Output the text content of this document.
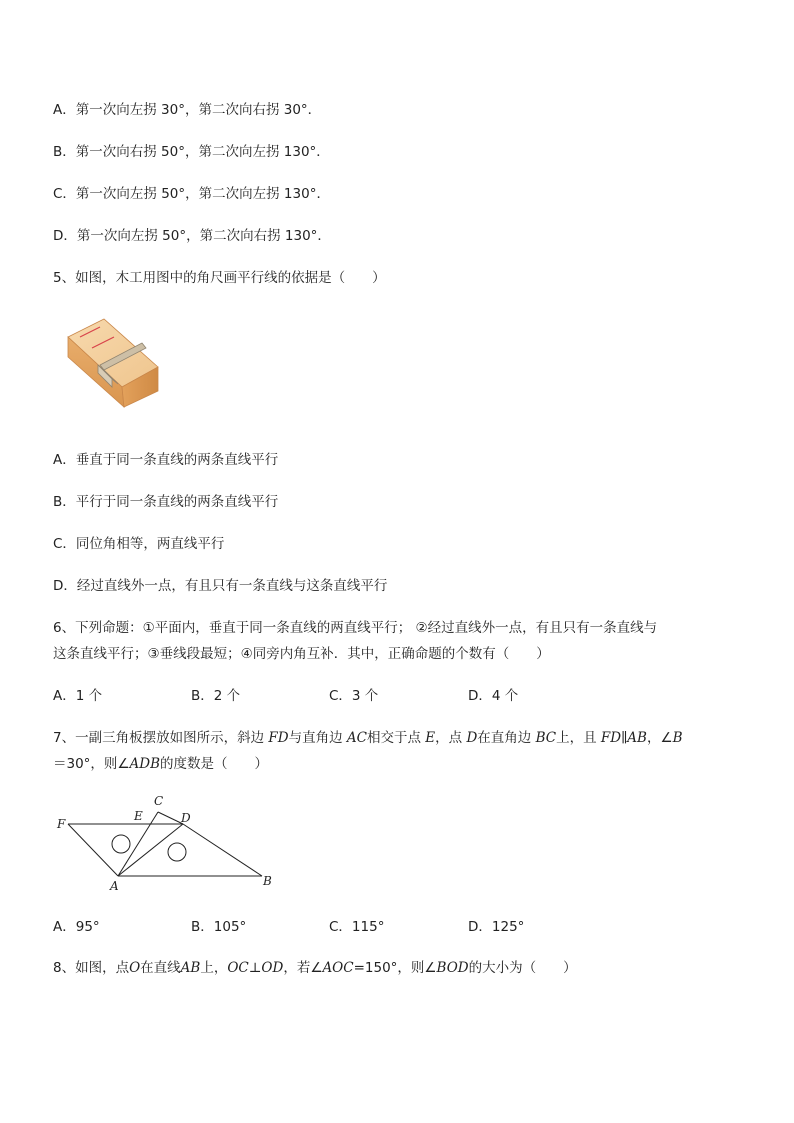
A．第一次向左拐 30°，第二次向右拐 30°．
B．第一次向右拐 50°，第二次向左拐 130°．
C．第一次向左拐 50°，第二次向左拐 130°．
D．第一次向左拐 50°，第二次向右拐 130°．
5、如图，木工用图中的角尺画平行线的依据是（　　）
A．垂直于同一条直线的两条直线平行
B．平行于同一条直线的两条直线平行
C．同位角相等，两直线平行
D．经过直线外一点，有且只有一条直线与这条直线平行
6、下列命题：①平面内，垂直于同一条直线的两直线平行； ②经过直线外一点，有且只有一条直线与
这条直线平行；③垂线段最短；④同旁内角互补．其中，正确命题的个数有（　　）
A．1 个	B．2 个	C．3 个	D．4 个
7、一副三角板摆放如图所示，斜边 FD与直角边 AC相交于点 E，点 D在直角边 BC上，且 FD∥AB，∠B
＝30°，则∠ADB的度数是（　　）
F
E
C
D
A	B
A．95°	B．105°	C．115°	D．125°
8、如图，点O在直线AB上，OC⊥OD，若∠AOC=150°，则∠BOD的大小为（　　）
